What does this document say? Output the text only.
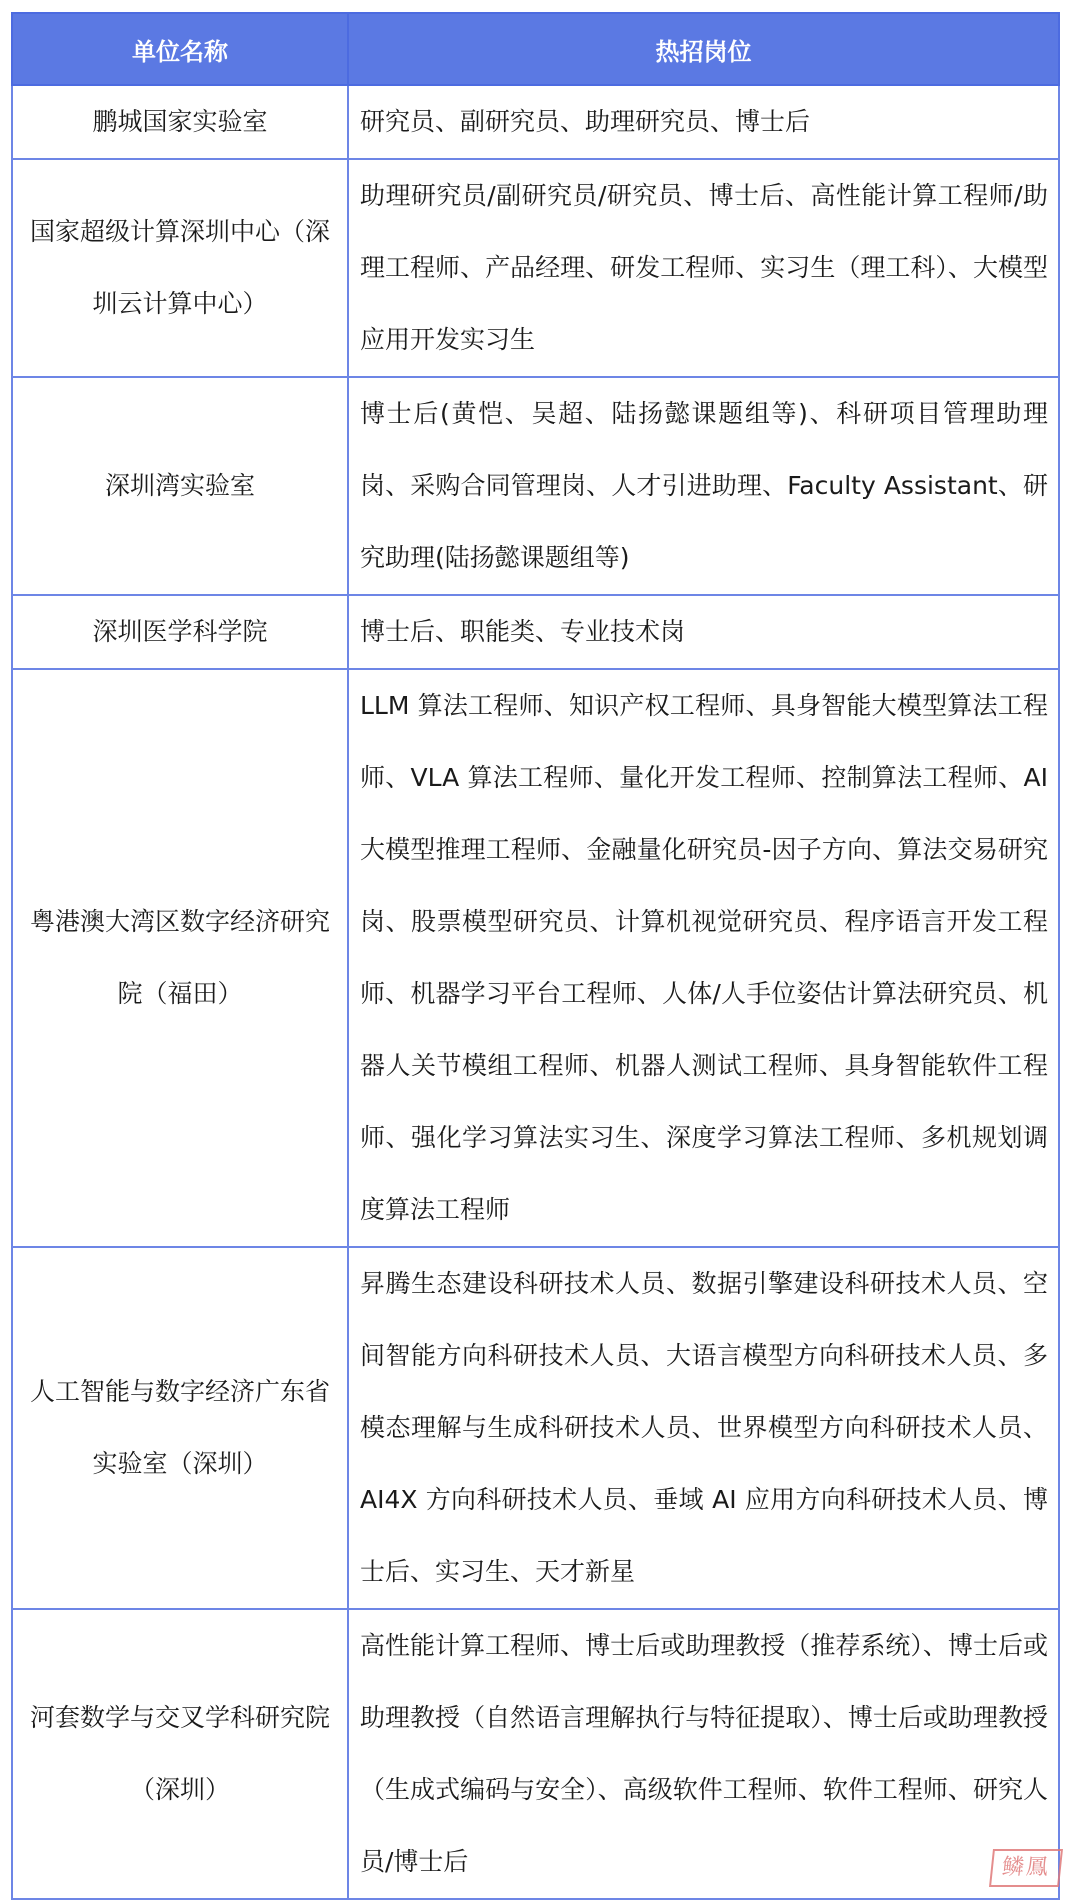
单位名称	热招岗位
鹏城国家实验室	研究员、副研究员、助理研究员、博士后
国家超级计算深圳中心（深圳云计算中心）	助理研究员/副研究员/研究员、博士后、高性能计算工程师/助理工程师、产品经理、研发工程师、实习生（理工科）、大模型应用开发实习生
深圳湾实验室	博士后(黄恺、吴超、陆扬懿课题组等)、科研项目管理助理岗、采购合同管理岗、人才引进助理、Faculty Assistant、研究助理(陆扬懿课题组等)
深圳医学科学院	博士后、职能类、专业技术岗
粤港澳大湾区数字经济研究院（福田）	LLM 算法工程师、知识产权工程师、具身智能大模型算法工程师、VLA 算法工程师、量化开发工程师、控制算法工程师、AI 大模型推理工程师、金融量化研究员-因子方向、算法交易研究岗、股票模型研究员、计算机视觉研究员、程序语言开发工程师、机器学习平台工程师、人体/人手位姿估计算法研究员、机器人关节模组工程师、机器人测试工程师、具身智能软件工程师、强化学习算法实习生、深度学习算法工程师、多机规划调度算法工程师
人工智能与数字经济广东省实验室（深圳）	昇腾生态建设科研技术人员、数据引擎建设科研技术人员、空间智能方向科研技术人员、大语言模型方向科研技术人员、多模态理解与生成科研技术人员、世界模型方向科研技术人员、AI4X 方向科研技术人员、垂域 AI 应用方向科研技术人员、博士后、实习生、天才新星
河套数学与交叉学科研究院（深圳）	高性能计算工程师、博士后或助理教授（推荐系统）、博士后或助理教授（自然语言理解执行与特征提取）、博士后或助理教授（生成式编码与安全）、高级软件工程师、软件工程师、研究人员/博士后	鳞鳳
